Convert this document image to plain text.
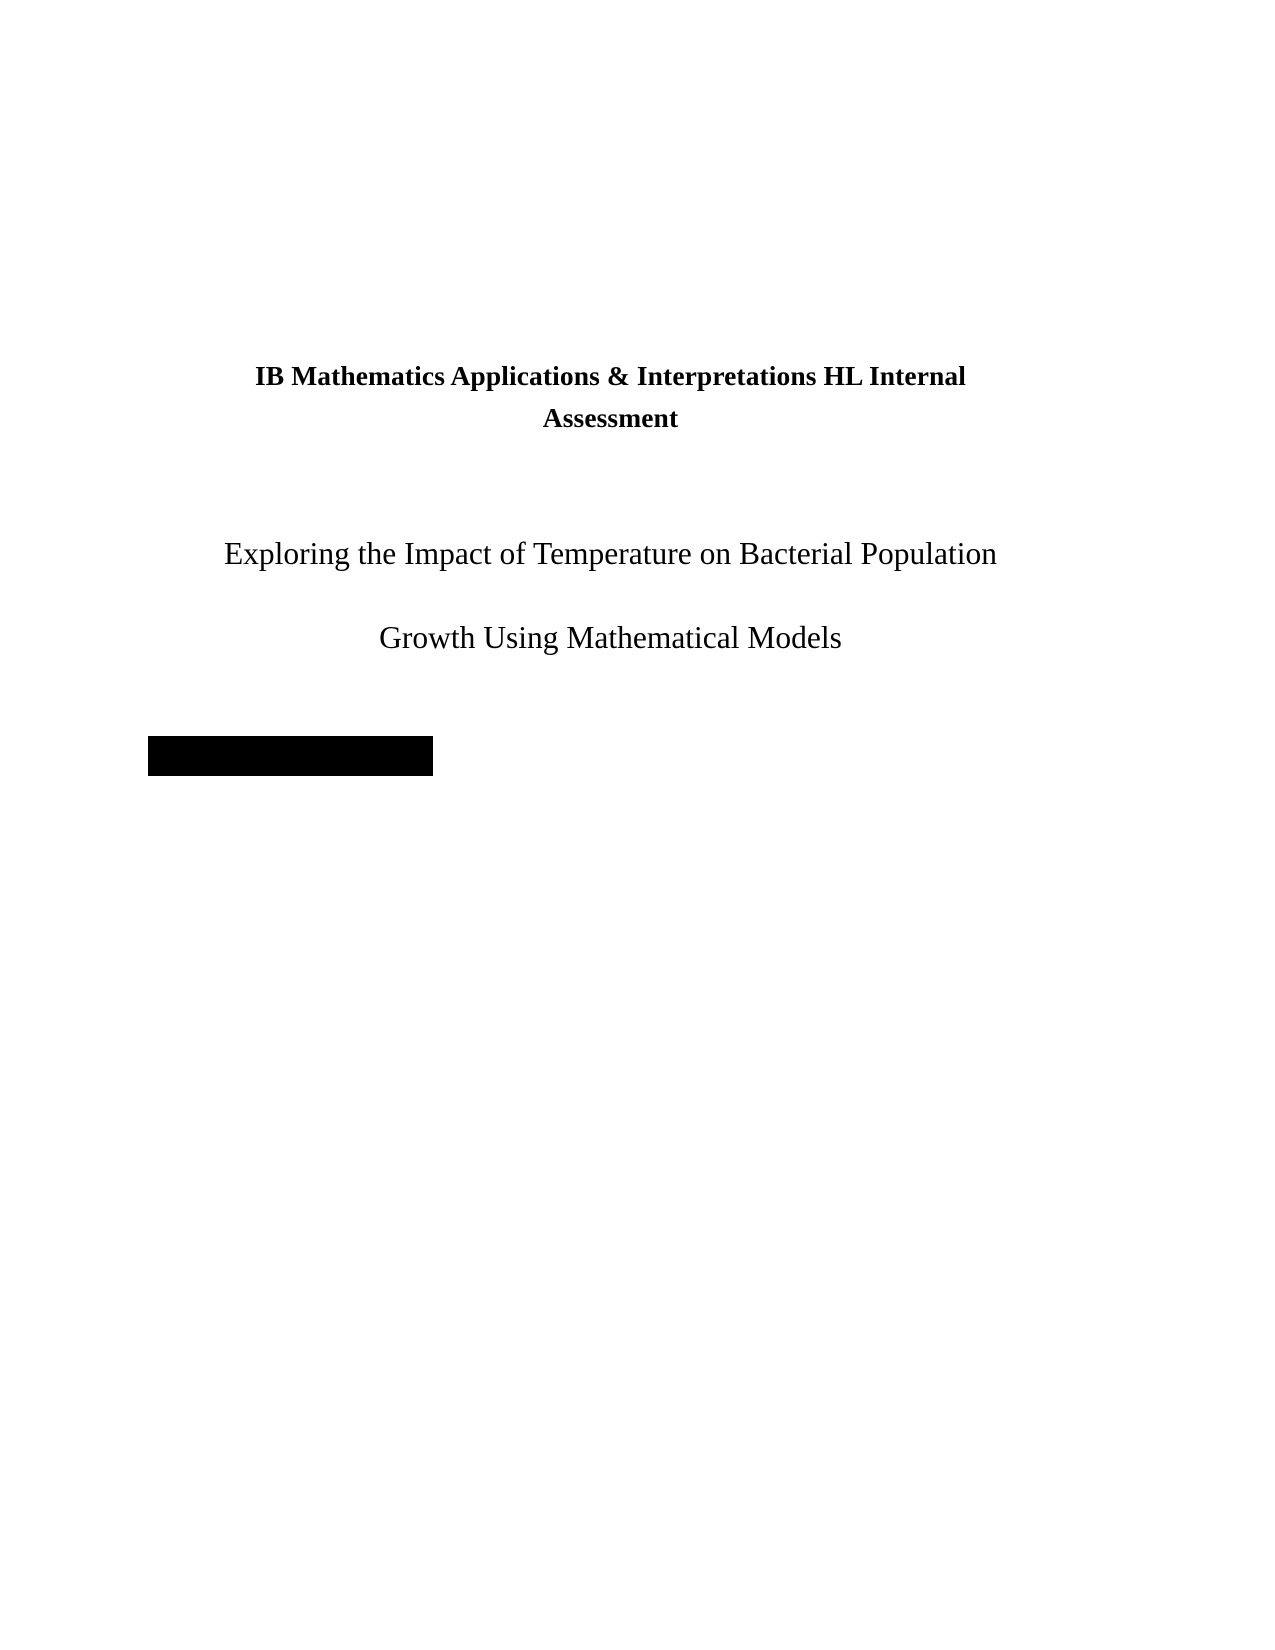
IB Mathematics Applications & Interpretations HL Internal
Assessment
Exploring the Impact of Temperature on Bacterial Population
Growth Using Mathematical Models
